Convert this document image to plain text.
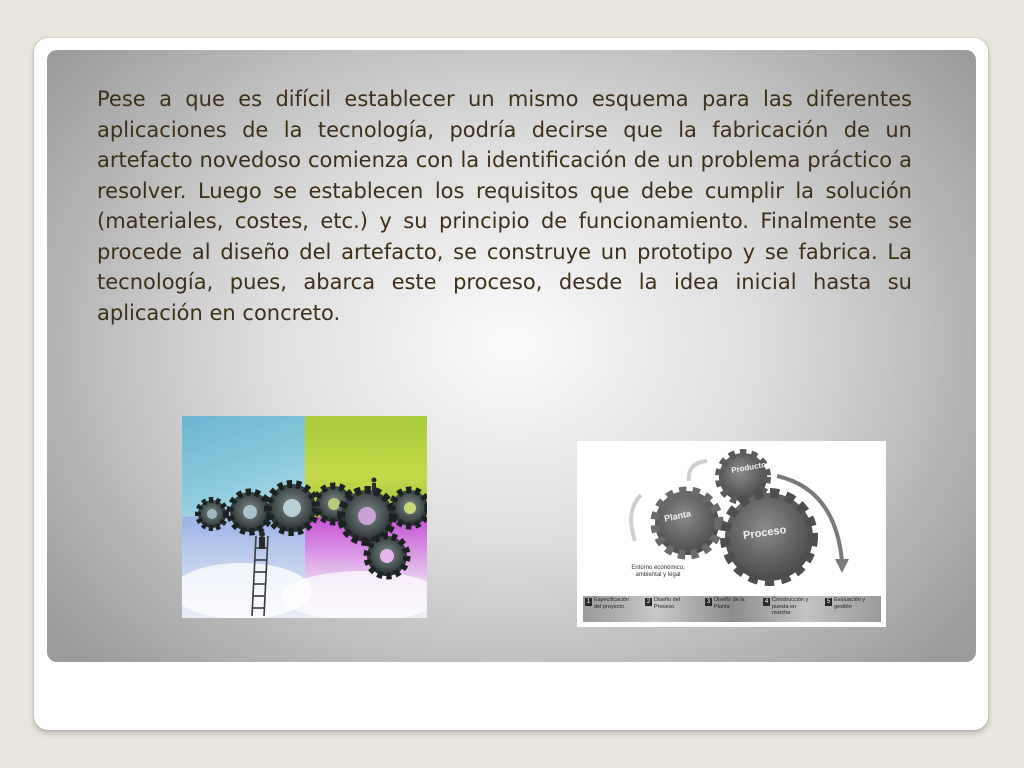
Pese a que es difícil establecer un mismo esquema para las diferentes aplicaciones de la tecnología, podría decirse que la fabricación de un artefacto novedoso comienza con la identificación de un problema práctico a resolver. Luego se establecen los requisitos que debe cumplir la solución (materiales, costes, etc.) y su principio de funcionamiento. Finalmente se procede al diseño del artefacto, se construye un prototipo y se fabrica. La tecnología, pues, abarca este proceso, desde la idea inicial hasta su aplicación en concreto.

Producto
Planta
Proceso
Entorno económico, ambiental y legal
1 Especificación del proyecto
2 Diseño del Proceso
3 Diseño de la Planta
4 Construcción y puesta en marcha
5 Evaluación y gestión
